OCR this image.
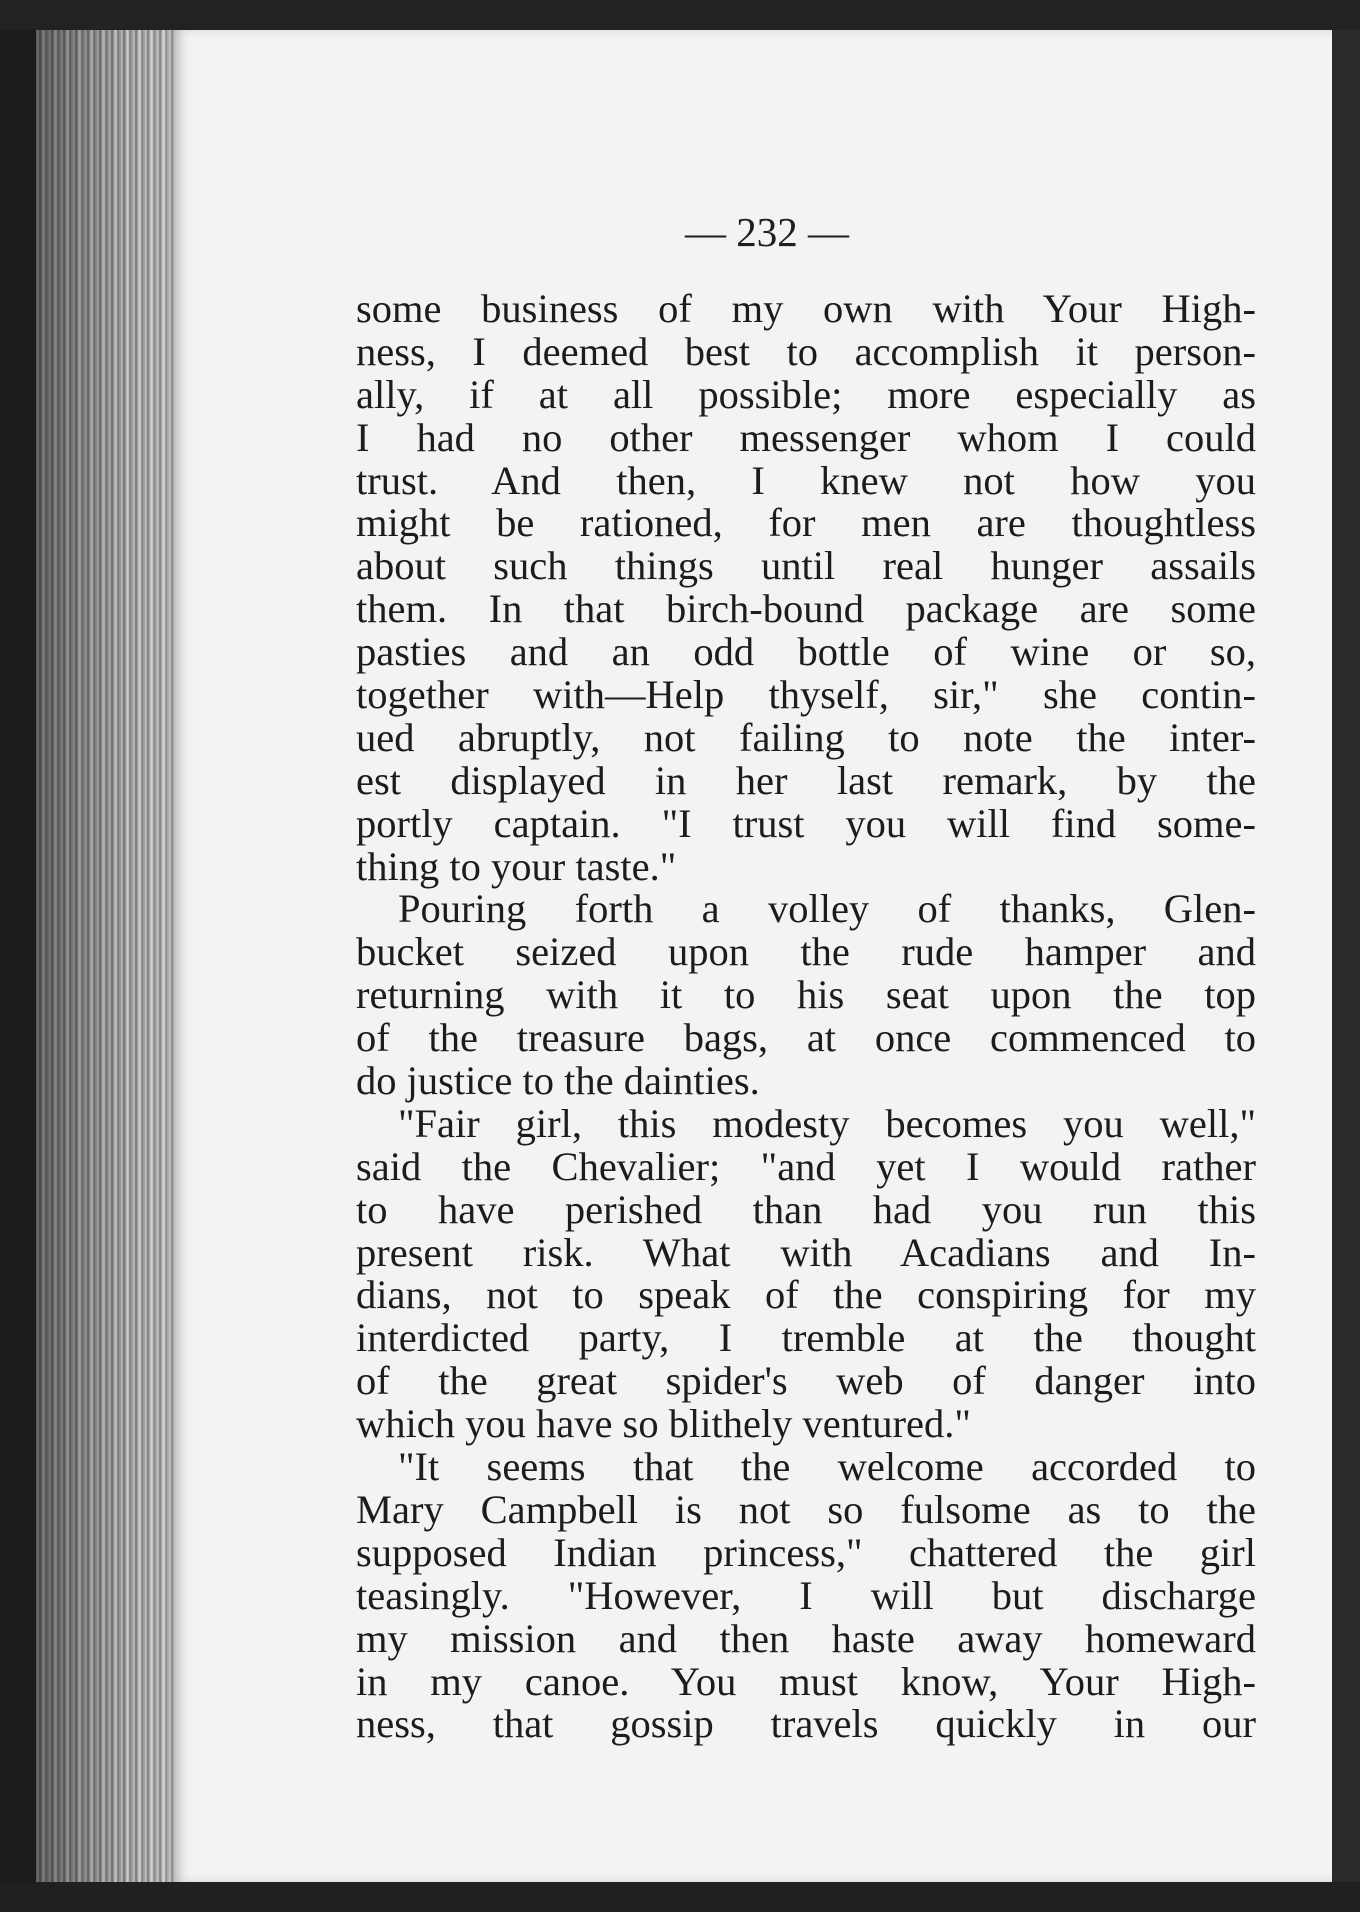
— 232 —

some business of my own with Your High-
ness, I deemed best to accomplish it person-
ally, if at all possible; more especially as
I had no other messenger whom I could
trust. And then, I knew not how you
might be rationed, for men are thoughtless
about such things until real hunger assails
them. In that birch-bound package are some
pasties and an odd bottle of wine or so,
together with—Help thyself, sir," she contin-
ued abruptly, not failing to note the inter-
est displayed in her last remark, by the
portly captain. "I trust you will find some-
thing to your taste."
Pouring forth a volley of thanks, Glen-
bucket seized upon the rude hamper and
returning with it to his seat upon the top
of the treasure bags, at once commenced to
do justice to the dainties.
"Fair girl, this modesty becomes you well,"
said the Chevalier; "and yet I would rather
to have perished than had you run this
present risk. What with Acadians and In-
dians, not to speak of the conspiring for my
interdicted party, I tremble at the thought
of the great spider's web of danger into
which you have so blithely ventured."
"It seems that the welcome accorded to
Mary Campbell is not so fulsome as to the
supposed Indian princess," chattered the girl
teasingly. "However, I will but discharge
my mission and then haste away homeward
in my canoe. You must know, Your High-
ness, that gossip travels quickly in our
